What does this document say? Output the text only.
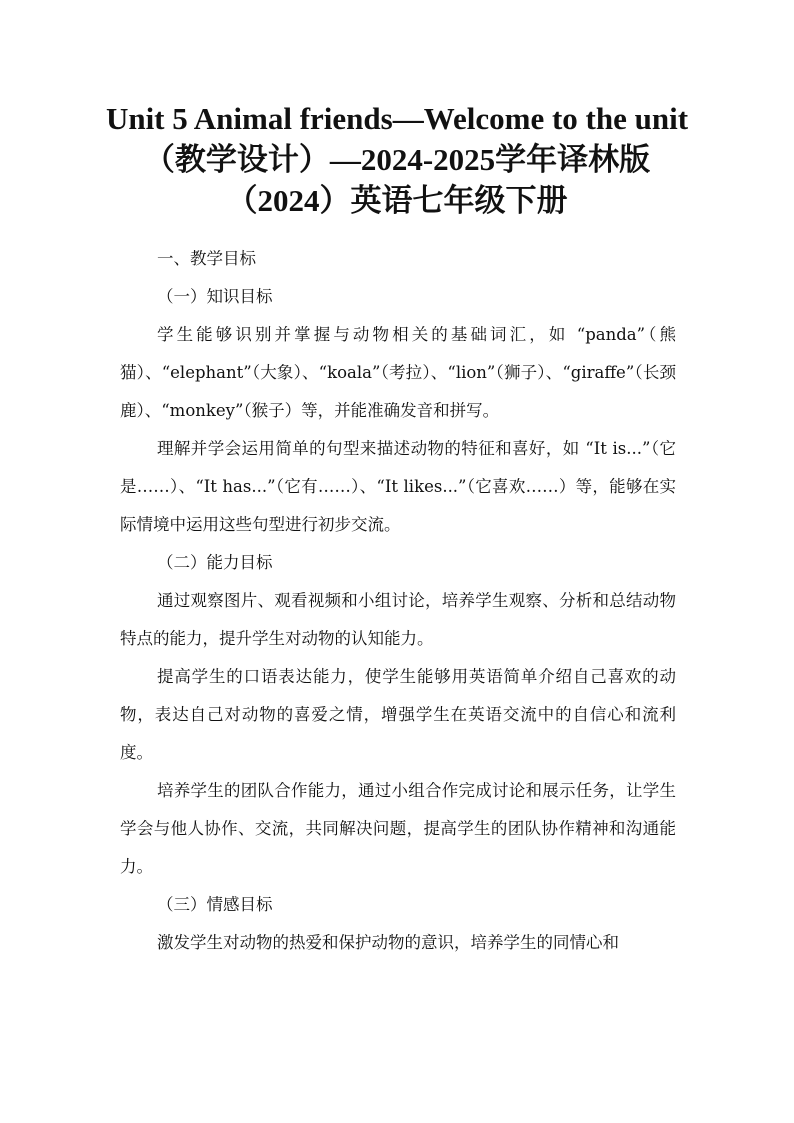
Unit 5 Animal friends—Welcome to the unit（教学设计）—2024-2025学年译林版（2024）英语七年级下册

一、教学目标

（一）知识目标

学生能够识别并掌握与动物相关的基础词汇，如 “panda”（熊猫）、“elephant”（大象）、“koala”（考拉）、“lion”（狮子）、“giraffe”（长颈鹿）、“monkey”（猴子）等，并能准确发音和拼写。

理解并学会运用简单的句型来描述动物的特征和喜好，如 “It is...”（它是……）、“It has...”（它有……）、“It likes...”（它喜欢……）等，能够在实际情境中运用这些句型进行初步交流。

（二）能力目标

通过观察图片、观看视频和小组讨论，培养学生观察、分析和总结动物特点的能力，提升学生对动物的认知能力。

提高学生的口语表达能力，使学生能够用英语简单介绍自己喜欢的动物，表达自己对动物的喜爱之情，增强学生在英语交流中的自信心和流利度。

培养学生的团队合作能力，通过小组合作完成讨论和展示任务，让学生学会与他人协作、交流，共同解决问题，提高学生的团队协作精神和沟通能力。

（三）情感目标

激发学生对动物的热爱和保护动物的意识，培养学生的同情心和
